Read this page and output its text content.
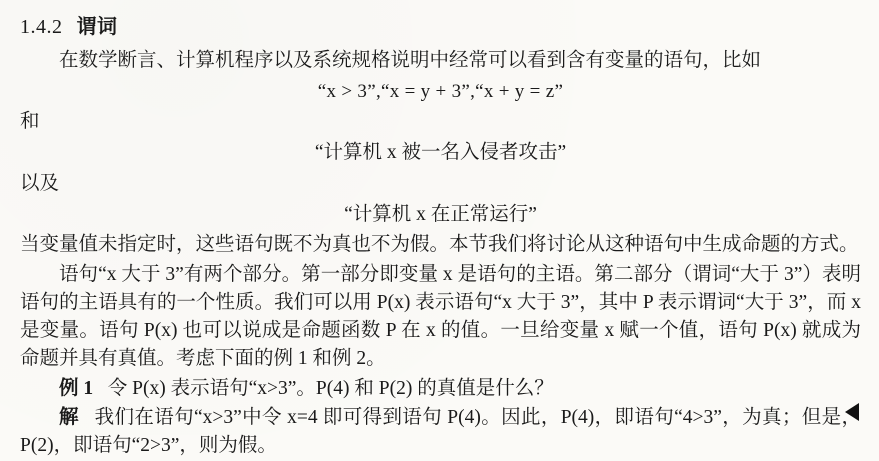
1.4.2 谓词

在数学断言、计算机程序以及系统规格说明中经常可以看到含有变量的语句，比如

“x > 3”,“x = y + 3”,“x + y = z”

和

“计算机 x 被一名入侵者攻击”

以及

“计算机 x 在正常运行”

当变量值未指定时，这些语句既不为真也不为假。本节我们将讨论从这种语句中生成命题的方式。

语句“x 大于 3”有两个部分。第一部分即变量 x 是语句的主语。第二部分（谓词“大于 3”）表明语句的主语具有的一个性质。我们可以用 P(x) 表示语句“x 大于 3”，其中 P 表示谓词“大于 3”，而 x 是变量。语句 P(x) 也可以说成是命题函数 P 在 x 的值。一旦给变量 x 赋一个值，语句 P(x) 就成为命题并具有真值。考虑下面的例 1 和例 2。

例 1 令 P(x) 表示语句“x>3”。P(4) 和 P(2) 的真值是什么？

解 我们在语句“x>3”中令 x=4 即可得到语句 P(4)。因此，P(4)，即语句“4>3”，为真；但是，P(2)，即语句“2>3”，则为假。
